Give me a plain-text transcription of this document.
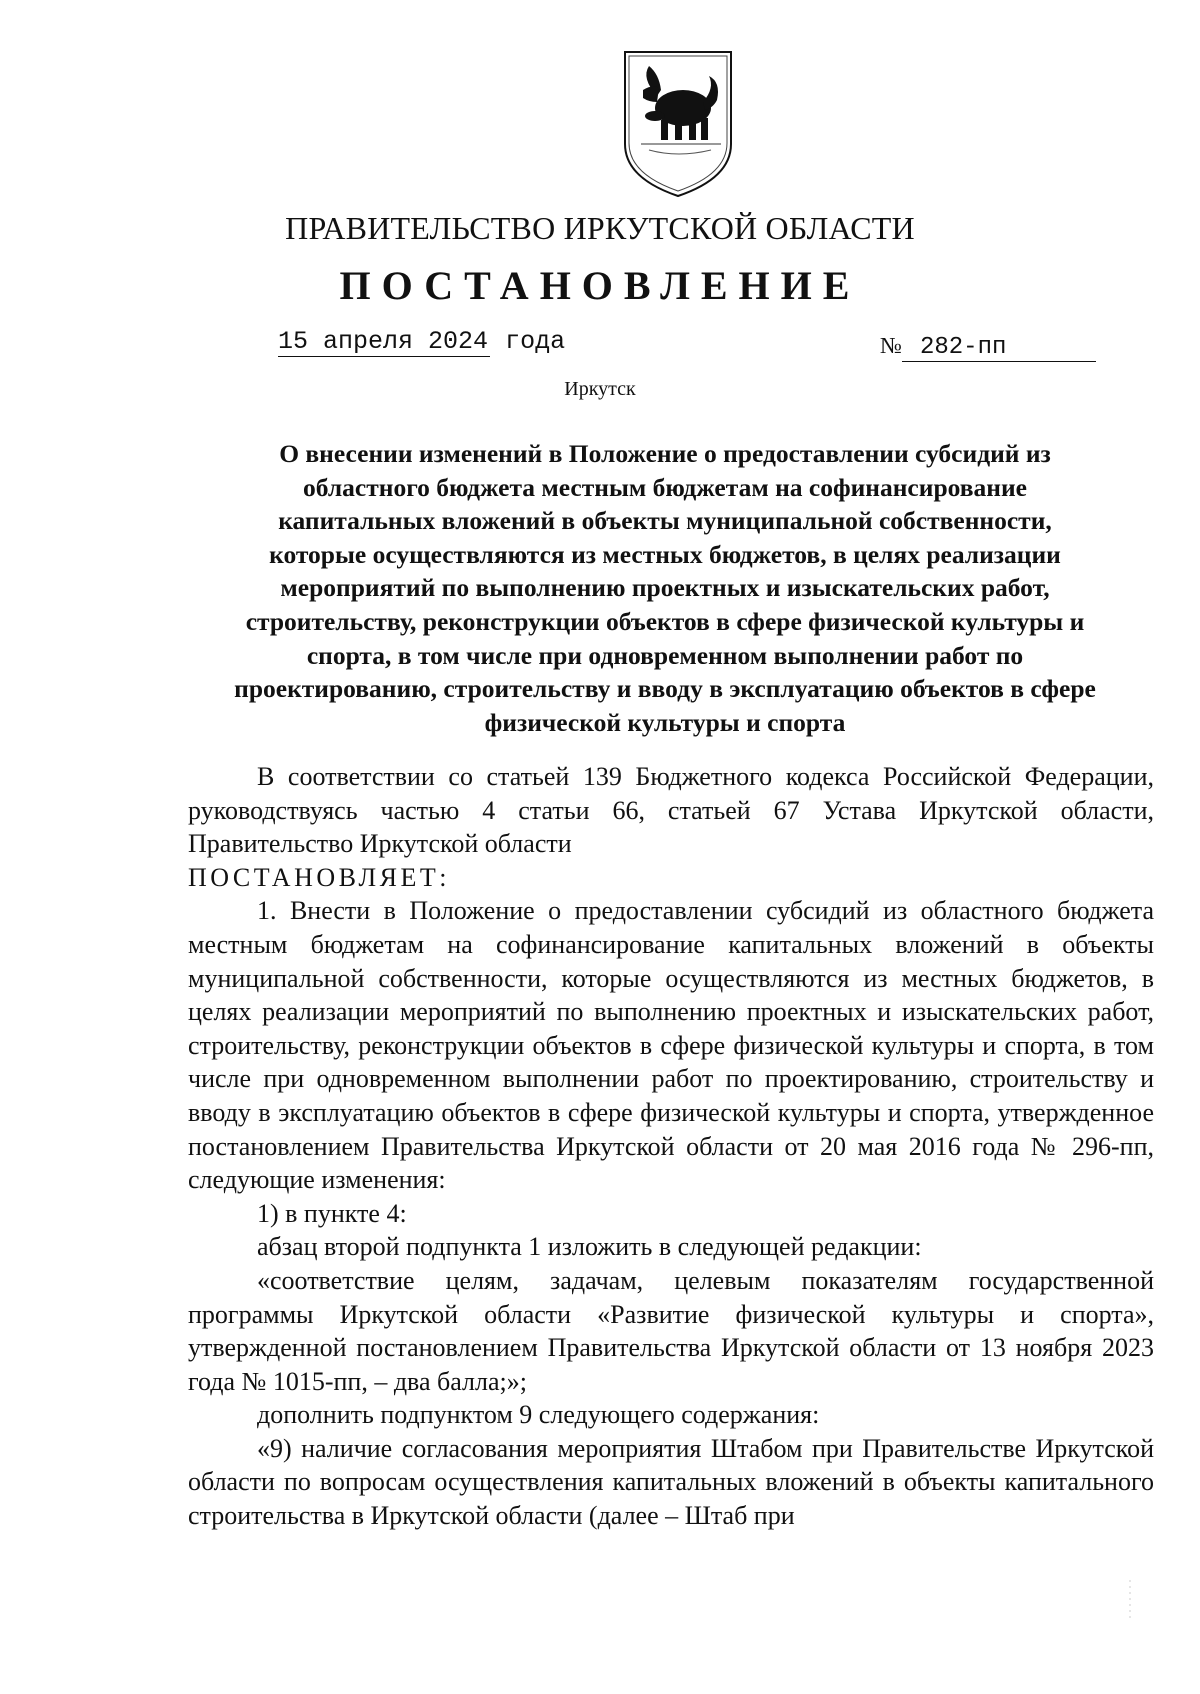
ПРАВИТЕЛЬСТВО ИРКУТСКОЙ ОБЛАСТИ
ПОСТАНОВЛЕНИЕ
15 апреля 2024 года	№ 282-пп
Иркутск
О внесении изменений в Положение о предоставлении субсидий из
областного бюджета местным бюджетам на софинансирование
капитальных вложений в объекты муниципальной собственности,
которые осуществляются из местных бюджетов, в целях реализации
мероприятий по выполнению проектных и изыскательских работ,
строительству, реконструкции объектов в сфере физической культуры и
спорта, в том числе при одновременном выполнении работ по
проектированию, строительству и вводу в эксплуатацию объектов в сфере
физической культуры и спорта

В соответствии со статьей 139 Бюджетного кодекса Российской Федерации, руководствуясь частью 4 статьи 66, статьей 67 Устава Иркутской области, Правительство Иркутской области

ПОСТАНОВЛЯЕТ:

1. Внести в Положение о предоставлении субсидий из областного бюджета местным бюджетам на софинансирование капитальных вложений в объекты муниципальной собственности, которые осуществляются из местных бюджетов, в целях реализации мероприятий по выполнению проектных и изыскательских работ, строительству, реконструкции объектов в сфере физической культуры и спорта, в том числе при одновременном выполнении работ по проектированию, строительству и вводу в эксплуатацию объектов в сфере физической культуры и спорта, утвержденное постановлением Правительства Иркутской области от 20 мая 2016 года № 296-пп, следующие изменения:

1) в пункте 4:

абзац второй подпункта 1 изложить в следующей редакции:

«соответствие целям, задачам, целевым показателям государственной программы Иркутской области «Развитие физической культуры и спорта», утвержденной постановлением Правительства Иркутской области от 13 ноября 2023 года № 1015-пп, – два балла;»;

дополнить подпунктом 9 следующего содержания:

«9) наличие согласования мероприятия Штабом при Правительстве Иркутской области по вопросам осуществления капитальных вложений в объекты капитального строительства в Иркутской области (далее – Штаб при
